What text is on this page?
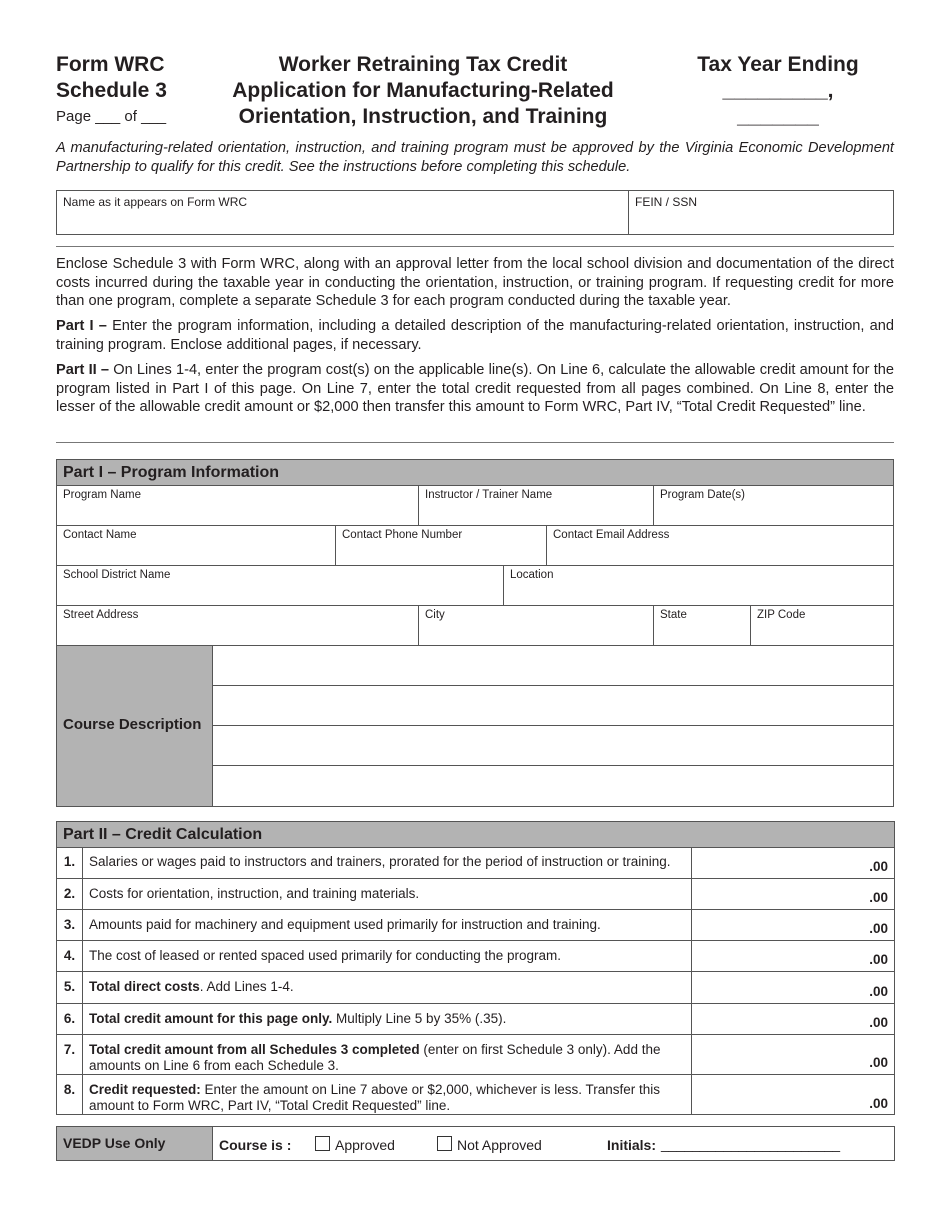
Form WRC
Schedule 3
Page ___ of ___
Worker Retraining Tax Credit
Application for Manufacturing-Related
Orientation, Instruction, and Training
Tax Year Ending
_________, _______
A manufacturing-related orientation, instruction, and training program must be approved by the Virginia Economic Development Partnership to qualify for this credit. See the instructions before completing this schedule.
Name as it appears on Form WRC	FEIN / SSN
Enclose Schedule 3 with Form WRC, along with an approval letter from the local school division and documentation of the direct costs incurred during the taxable year in conducting the orientation, instruction, or training program. If requesting credit for more than one program, complete a separate Schedule 3 for each program conducted during the taxable year.
Part I – Enter the program information, including a detailed description of the manufacturing-related orientation, instruction, and training program. Enclose additional pages, if necessary.
Part II – On Lines 1-4, enter the program cost(s) on the applicable line(s). On Line 6, calculate the allowable credit amount for the program listed in Part I of this page. On Line 7, enter the total credit requested from all pages combined. On Line 8, enter the lesser of the allowable credit amount or $2,000 then transfer this amount to Form WRC, Part IV, “Total Credit Requested” line.
Part I – Program Information
Program Name	Instructor / Trainer Name	Program Date(s)
Contact Name	Contact Phone Number	Contact Email Address
School District Name	Location
Street Address	City	State	ZIP Code
Course Description
Part II – Credit Calculation
1.	Salaries or wages paid to instructors and trainers, prorated for the period of instruction or training.	.00
2.	Costs for orientation, instruction, and training materials.	.00
3.	Amounts paid for machinery and equipment used primarily for instruction and training.	.00
4.	The cost of leased or rented spaced used primarily for conducting the program.	.00
5.	Total direct costs. Add Lines 1-4.	.00
6.	Total credit amount for this page only. Multiply Line 5 by 35% (.35).	.00
7.	Total credit amount from all Schedules 3 completed (enter on first Schedule 3 only). Add the amounts on Line 6 from each Schedule 3.	.00
8.	Credit requested: Enter the amount on Line 7 above or $2,000, whichever is less. Transfer this amount to Form WRC, Part IV, “Total Credit Requested” line.	.00
VEDP Use Only	Course is :	Approved	Not Approved	Initials: _______________________
